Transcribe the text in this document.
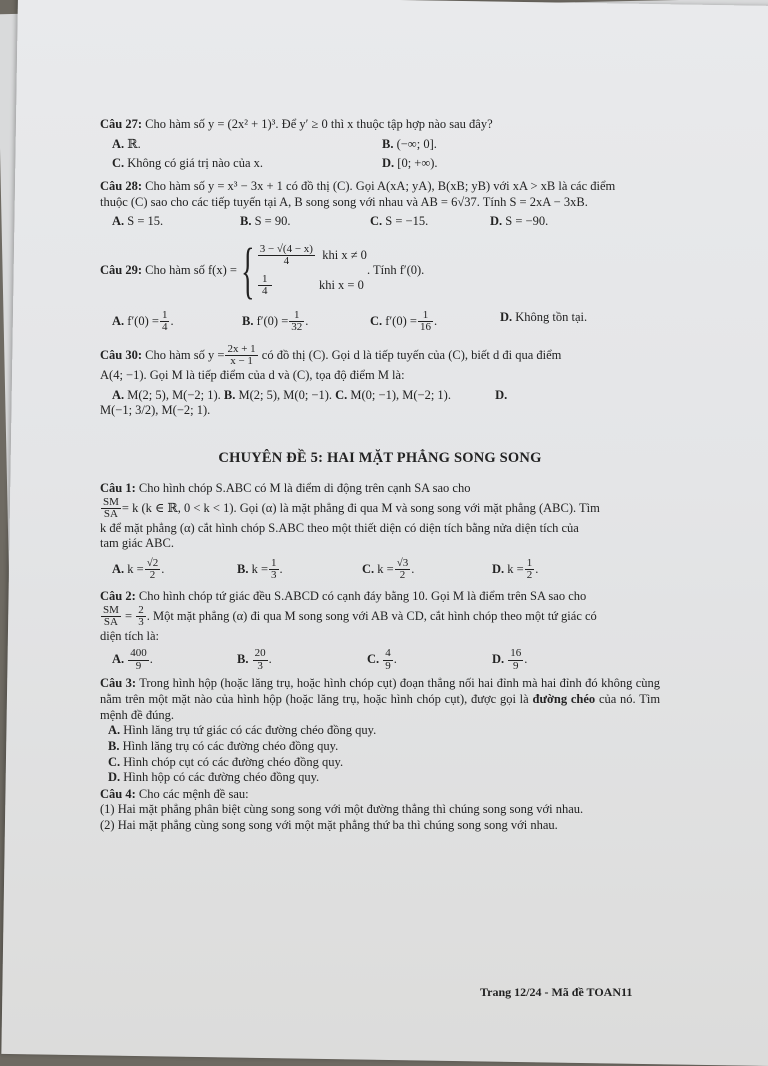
Câu 27: Cho hàm số y = (2x² + 1)³. Để y′ ≥ 0 thì x thuộc tập hợp nào sau đây?
A. ℝ.	B. (−∞; 0].
C. Không có giá trị nào của x.	D. [0; +∞).
Câu 28: Cho hàm số y = x³ − 3x + 1 có đồ thị (C). Gọi A(xA; yA), B(xB; yB) với xA > xB là các điểm
thuộc (C) sao cho các tiếp tuyến tại A, B song song với nhau và AB = 6√37. Tính S = 2xA − 3xB.
A. S = 15.	B. S = 90.	C. S = −15.	D. S = −90.
Câu 29:
Cho hàm số f(x) = { $\frac{3 - √(4 - x)}{4}$
khi x ≠ 0
$\frac{1}{4}$
khi x = 0
. Tính f′(0).
A. $f'(0) = \frac{1}{4}$ .	B. $f'(0) = \frac{1}{32}$ .	C. $f'(0) = \frac{1}{16}$ .	D. Không tồn tại.
Câu 30: Cho hàm số $y = \frac{2x + 1}{x - 1}$ có đồ thị (C). Gọi d là tiếp tuyến của (C), biết d đi qua điểm
A(4; −1). Gọi M là tiếp điểm của d và (C), tọa độ điểm M là:
A. M(2; 5), M(−2; 1). B. M(2; 5), M(0; −1). C. M(0; −1), M(−2; 1).	D.
M(−1; 3/2), M(−2; 1).
CHUYÊN ĐỀ 5: HAI MẶT PHẲNG SONG SONG
Câu 1: Cho hình chóp S.ABC có M là điểm di động trên cạnh SA sao cho
$\frac{SM}{SA} = k$ (k ∈ ℝ, 0 < k < 1). Gọi (α) là mặt phẳng đi qua M và song song với mặt phẳng (ABC). Tìm
k để mặt phẳng (α) cắt hình chóp S.ABC theo một thiết diện có diện tích bằng nửa diện tích của
tam giác ABC.
A. $k = \frac{√2}{2}$ .	B. $k = \frac{1}{3}$ .	C. $k = \frac{√3}{2}$ .	D. $k = \frac{1}{2}$ .
Câu 2: Cho hình chóp tứ giác đều S.ABCD có cạnh đáy bằng 10. Gọi M là điểm trên SA sao cho
$\frac{SM}{SA} = \frac{2}{3}$ . Một mặt phẳng (α) đi qua M song song với AB và CD, cắt hình chóp theo một tứ giác có
diện tích là:
A. $\frac{400}{9}$ .	B. $\frac{20}{3}$ .	C. $\frac{4}{9}$ .	D. $\frac{16}{9}$ .
Câu 3: Trong hình hộp (hoặc lăng trụ, hoặc hình chóp cụt) đoạn thẳng nối hai đỉnh mà hai đỉnh đó không cùng nằm trên một mặt nào của hình hộp (hoặc lăng trụ, hoặc hình chóp cụt), được gọi là đường chéo của nó. Tìm mệnh đề đúng.
A. Hình lăng trụ tứ giác có các đường chéo đồng quy.
B. Hình lăng trụ có các đường chéo đồng quy.
C. Hình chóp cụt có các đường chéo đồng quy.
D. Hình hộp có các đường chéo đồng quy.
Câu 4: Cho các mệnh đề sau:
(1) Hai mặt phẳng phân biệt cùng song song với một đường thẳng thì chúng song song với nhau.
(2) Hai mặt phẳng cùng song song với một mặt phẳng thứ ba thì chúng song song với nhau.
Trang 12/24 - Mã đề TOAN11
